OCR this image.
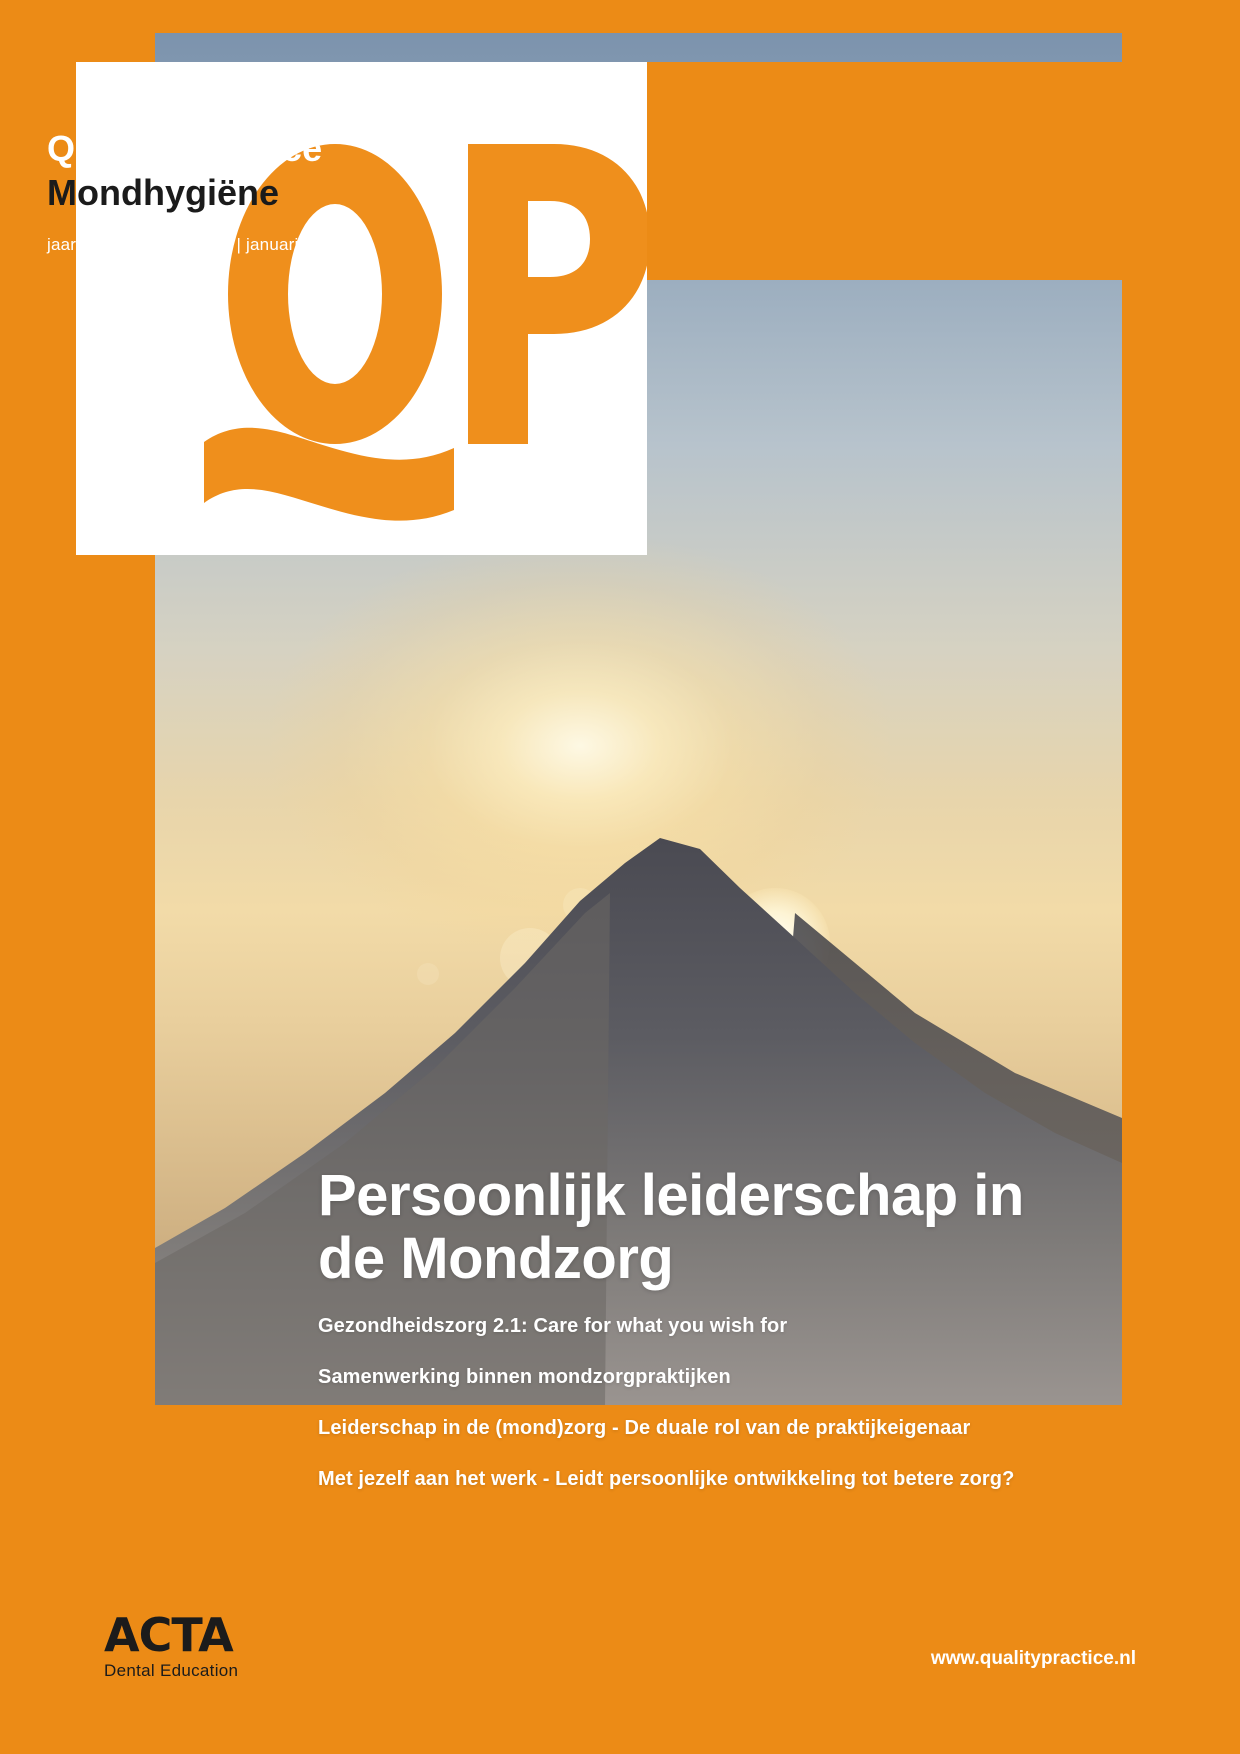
Quality Practice
Mondhygiëne
jaargang 16 | nummer 4 | januari 2026
Persoonlijk leiderschap in de Mondzorg
Gezondheidszorg 2.1: Care for what you wish for
Samenwerking binnen mondzorgpraktijken
Leiderschap in de (mond)zorg - De duale rol van de praktijkeigenaar
Met jezelf aan het werk - Leidt persoonlijke ontwikkeling tot betere zorg?
ACTA
Dental Education
www.qualitypractice.nl
